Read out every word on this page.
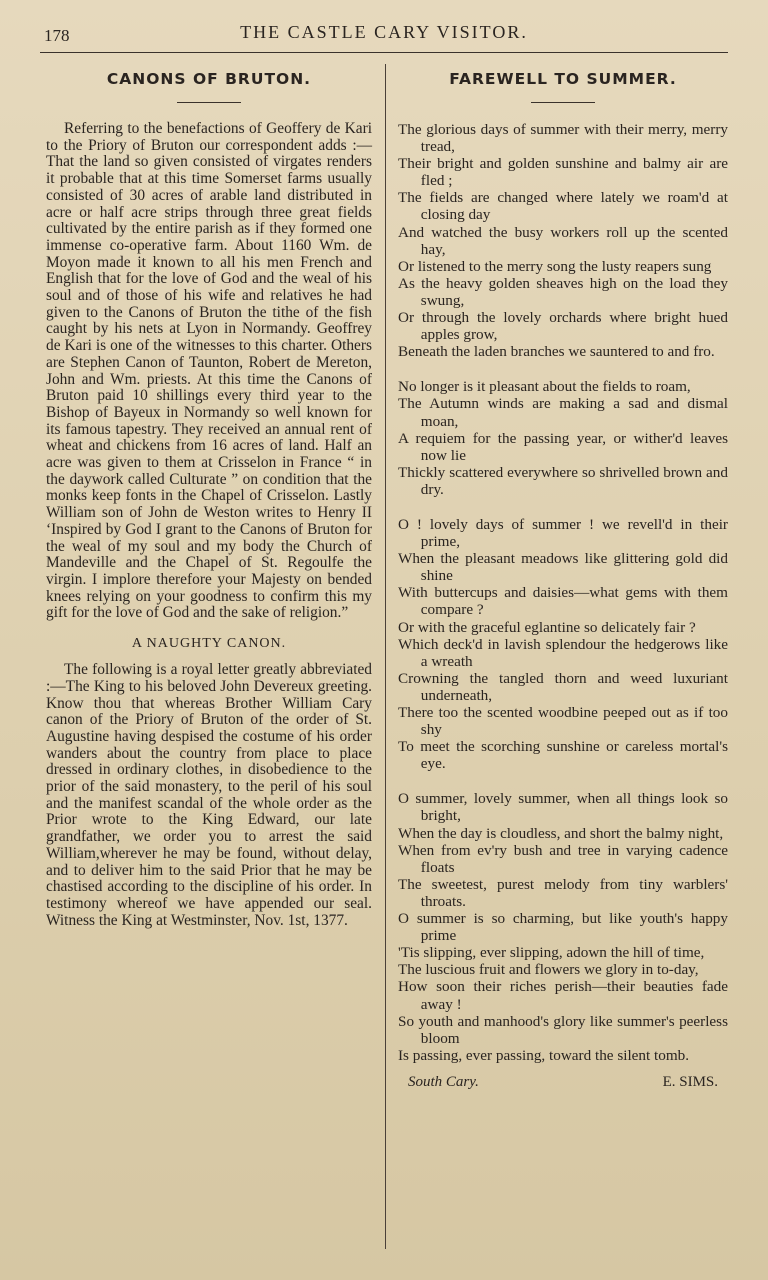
178	THE CASTLE CARY VISITOR.
CANONS OF BRUTON.

Referring to the benefactions of Geoffery de Kari to the Priory of Bruton our correspondent adds :—That the land so given consisted of virgates renders it probable that at this time Somerset farms usually consisted of 30 acres of arable land distributed in acre or half acre strips through three great fields cultivated by the entire parish as if they formed one immense co-operative farm. About 1160 Wm. de Moyon made it known to all his men French and English that for the love of God and the weal of his soul and of those of his wife and relatives he had given to the Canons of Bruton the tithe of the fish caught by his nets at Lyon in Normandy. Geoffrey de Kari is one of the witnesses to this charter. Others are Stephen Canon of Taunton, Robert de Mereton, John and Wm. priests. At this time the Canons of Bruton paid 10 shillings every third year to the Bishop of Bayeux in Normandy so well known for its famous tapestry. They received an annual rent of wheat and chickens from 16 acres of land. Half an acre was given to them at Crisselon in France “ in the daywork called Culturate ” on condition that the monks keep fonts in the Chapel of Crisselon. Lastly William son of John de Weston writes to Henry II ‘Inspired by God I grant to the Canons of Bruton for the weal of my soul and my body the Church of Mandeville and the Chapel of St. Regoulfe the virgin. I implore therefore your Majesty on bended knees relying on your goodness to confirm this my gift for the love of God and the sake of religion.”

A NAUGHTY CANON.

The following is a royal letter greatly abbreviated :—The King to his beloved John Devereux greeting. Know thou that whereas Brother William Cary canon of the Priory of Bruton of the order of St. Augustine having despised the costume of his order wanders about the country from place to place dressed in ordinary clothes, in disobedience to the prior of the said monastery, to the peril of his soul and the manifest scandal of the whole order as the Prior wrote to the King Edward, our late grandfather, we order you to arrest the said William,wherever he may be found, without delay, and to deliver him to the said Prior that he may be chastised according to the discipline of his order. In testimony whereof we have appended our seal. Witness the King at Westminster, Nov. 1st, 1377.

FAREWELL TO SUMMER.
The glorious days of summer with their merry, merry tread,
Their bright and golden sunshine and balmy air are fled ;
The fields are changed where lately we roam'd at closing day
And watched the busy workers roll up the scented hay,
Or listened to the merry song the lusty reapers sung
As the heavy golden sheaves high on the load they swung,
Or through the lovely orchards where bright hued apples grow,
Beneath the laden branches we sauntered to and fro.
No longer is it pleasant about the fields to roam,
The Autumn winds are making a sad and dismal moan,
A requiem for the passing year, or wither'd leaves now lie
Thickly scattered everywhere so shrivelled brown and dry.
O ! lovely days of summer ! we revell'd in their prime,
When the pleasant meadows like glittering gold did shine
With buttercups and daisies—what gems with them compare ?
Or with the graceful eglantine so delicately fair ?
Which deck'd in lavish splendour the hedgerows like a wreath
Crowning the tangled thorn and weed luxuriant underneath,
There too the scented woodbine peeped out as if too shy
To meet the scorching sunshine or careless mortal's eye.
O summer, lovely summer, when all things look so bright,
When the day is cloudless, and short the balmy night,
When from ev'ry bush and tree in varying cadence floats
The sweetest, purest melody from tiny warblers' throats.
O summer is so charming, but like youth's happy prime
'Tis slipping, ever slipping, adown the hill of time,
The luscious fruit and flowers we glory in to-day,
How soon their riches perish—their beauties fade away !
So youth and manhood's glory like summer's peerless bloom
Is passing, ever passing, toward the silent tomb.
South Cary.	E. SIMS.
